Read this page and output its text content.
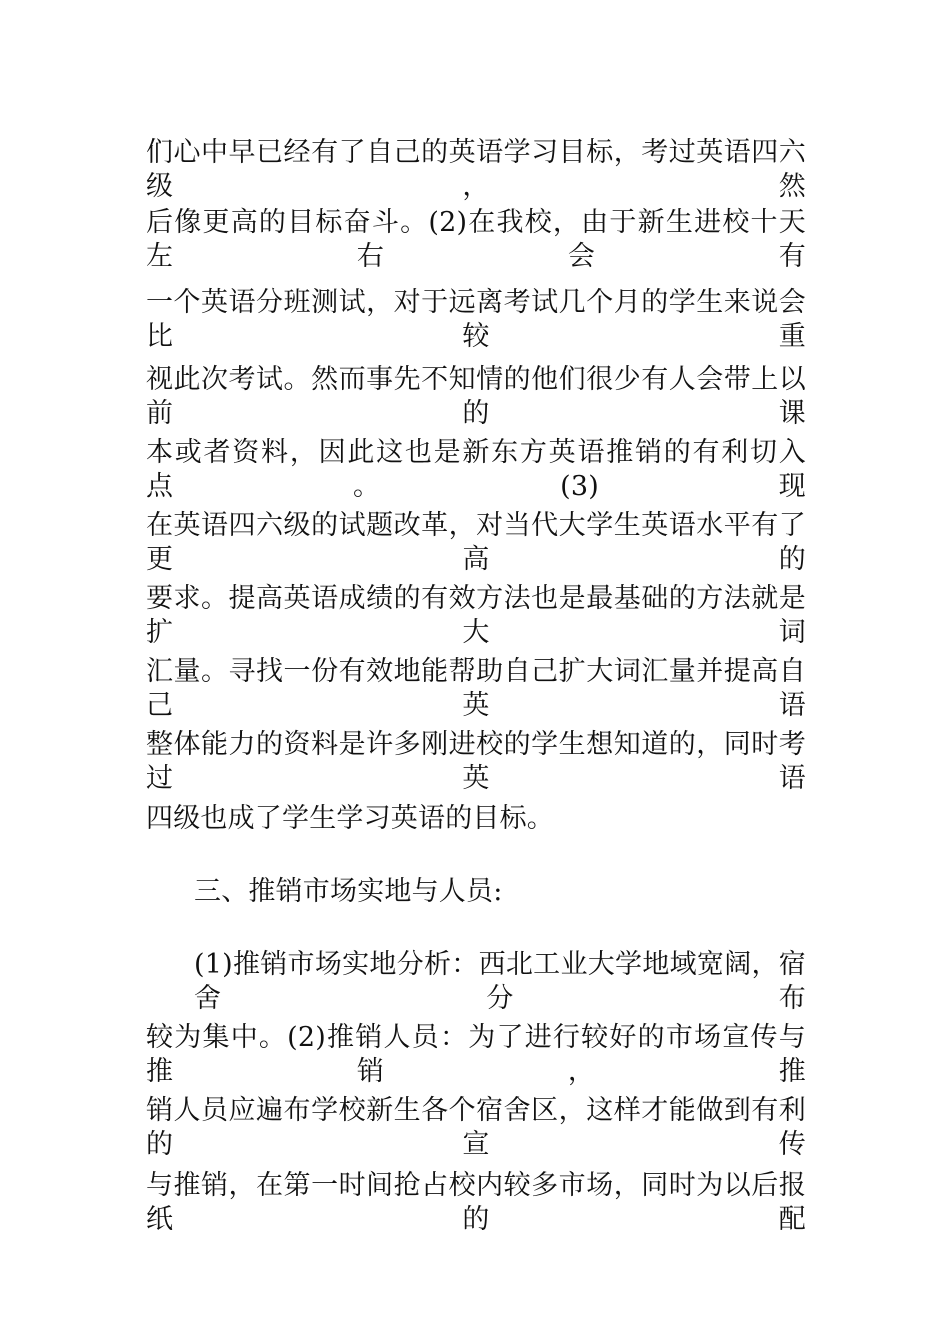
们心中早已经有了自己的英语学习目标，考过英语四六级，然
后像更高的目标奋斗。(2)在我校，由于新生进校十天左右会有
一个英语分班测试，对于远离考试几个月的学生来说会比较重
视此次考试。然而事先不知情的他们很少有人会带上以前的课
本或者资料，因此这也是新东方英语推销的有利切入点。(3)现
在英语四六级的试题改革，对当代大学生英语水平有了更高的
要求。提高英语成绩的有效方法也是最基础的方法就是扩大词
汇量。寻找一份有效地能帮助自己扩大词汇量并提高自己英语
整体能力的资料是许多刚进校的学生想知道的，同时考过英语
四级也成了学生学习英语的目标。
三、推销市场实地与人员:
(1)推销市场实地分析：西北工业大学地域宽阔，宿舍分布
较为集中。(2)推销人员：为了进行较好的市场宣传与推销，推
销人员应遍布学校新生各个宿舍区，这样才能做到有利的宣传
与推销，在第一时间抢占校内较多市场，同时为以后报纸的配
